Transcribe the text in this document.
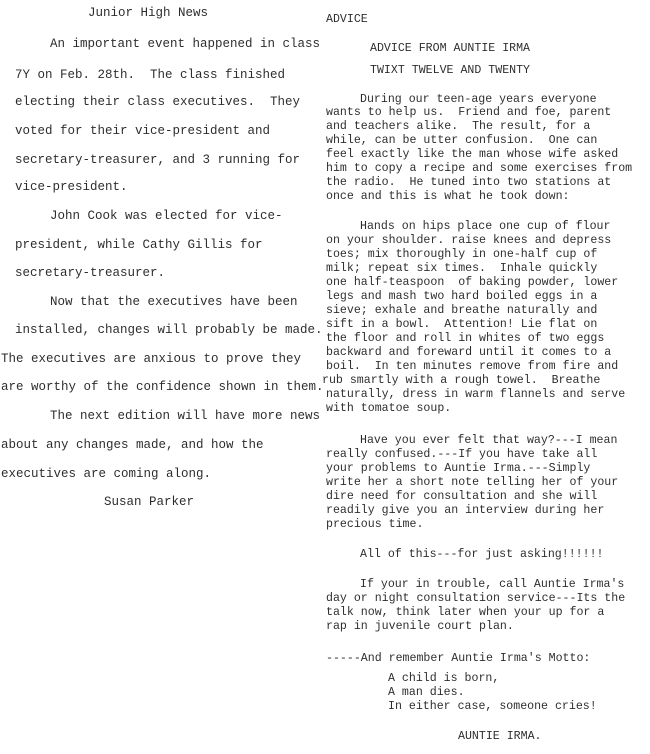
Junior High News
An important event happened in class
7Y on Feb. 28th.  The class finished
electing their class executives.  They
voted for their vice-president and
secretary-treasurer, and 3 running for
vice-president.
John Cook was elected for vice-
president, while Cathy Gillis for
secretary-treasurer.
Now that the executives have been
installed, changes will probably be made.
The executives are anxious to prove they
are worthy of the confidence shown in them.
The next edition will have more news
about any changes made, and how the
executives are coming along.
Susan Parker
ADVICE
ADVICE FROM AUNTIE IRMA
TWIXT TWELVE AND TWENTY
During our teen-age years everyone
wants to help us.  Friend and foe, parent
and teachers alike.  The result, for a
while, can be utter confusion.  One can
feel exactly like the man whose wife asked
him to copy a recipe and some exercises from
the radio.  He tuned into two stations at
once and this is what he took down:
Hands on hips place one cup of flour
on your shoulder. raise knees and depress
toes; mix thoroughly in one-half cup of
milk; repeat six times.  Inhale quickly
one half-teaspoon  of baking powder, lower
legs and mash two hard boiled eggs in a
sieve; exhale and breathe naturally and
sift in a bowl.  Attention! Lie flat on
the floor and roll in whites of two eggs
backward and foreward until it comes to a
boil.  In ten minutes remove from fire and
rub smartly with a rough towel.  Breathe
naturally, dress in warm flannels and serve
with tomatoe soup.
Have you ever felt that way?---I mean
really confused.---If you have take all
your problems to Auntie Irma.---Simply
write her a short note telling her of your
dire need for consultation and she will
readily give you an interview during her
precious time.
All of this---for just asking!!!!!!
If your in trouble, call Auntie Irma's
day or night consultation service---Its the
talk now, think later when your up for a
rap in juvenile court plan.
-----And remember Auntie Irma's Motto:
A child is born,
A man dies.
In either case, someone cries!
AUNTIE IRMA.
